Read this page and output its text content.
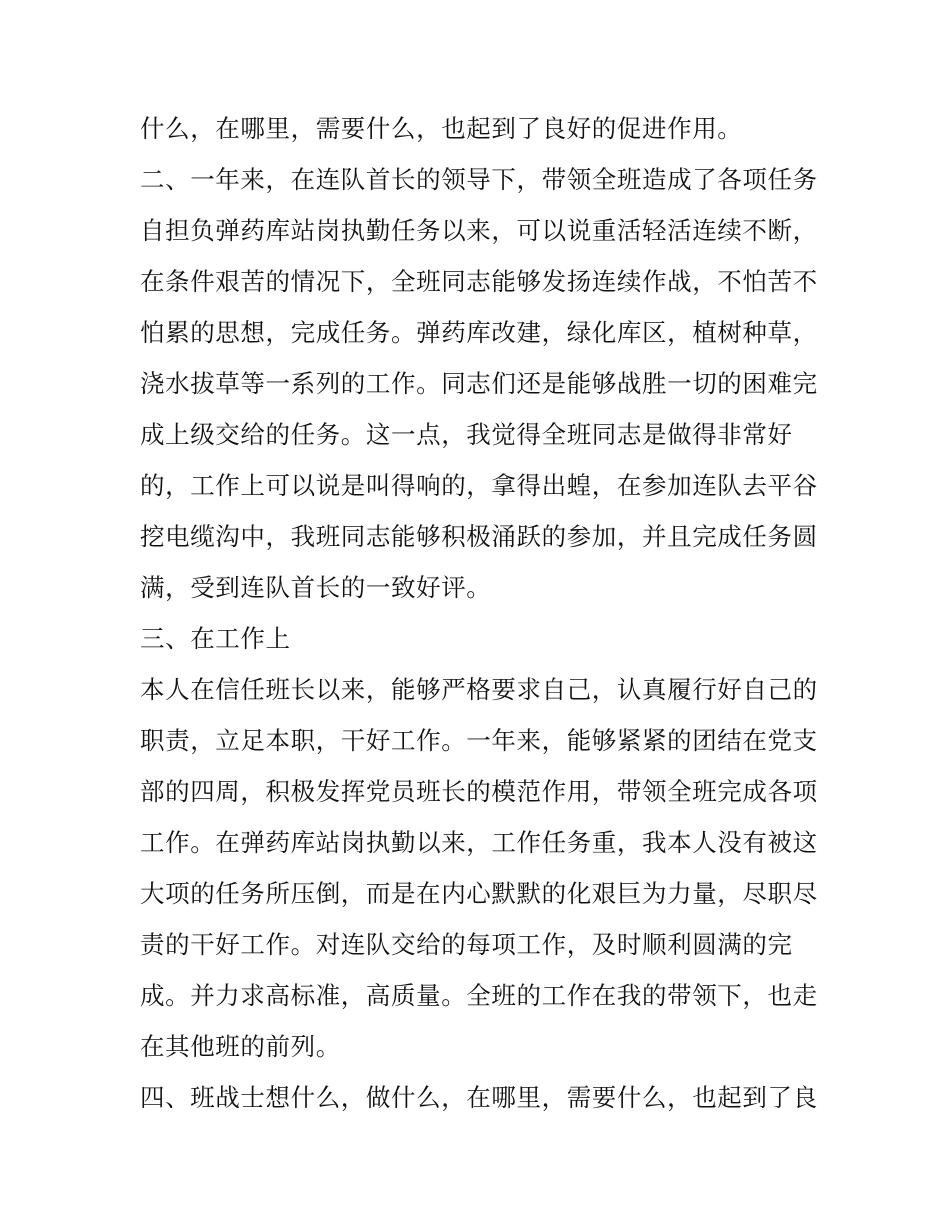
什么，在哪里，需要什么，也起到了良好的促进作用。
二、一年来，在连队首长的领导下，带领全班造成了各项任务
自担负弹药库站岗执勤任务以来，可以说重活轻活连续不断，
在条件艰苦的情况下，全班同志能够发扬连续作战，不怕苦不
怕累的思想，完成任务。弹药库改建，绿化库区，植树种草，
浇水拔草等一系列的工作。同志们还是能够战胜一切的困难完
成上级交给的任务。这一点，我觉得全班同志是做得非常好
的，工作上可以说是叫得响的，拿得出蝗，在参加连队去平谷
挖电缆沟中，我班同志能够积极涌跃的参加，并且完成任务圆
满，受到连队首长的一致好评。
三、在工作上
本人在信任班长以来，能够严格要求自己，认真履行好自己的
职责，立足本职，干好工作。一年来，能够紧紧的团结在党支
部的四周，积极发挥党员班长的模范作用，带领全班完成各项
工作。在弹药库站岗执勤以来，工作任务重，我本人没有被这
大项的任务所压倒，而是在内心默默的化艰巨为力量，尽职尽
责的干好工作。对连队交给的每项工作，及时顺利圆满的完
成。并力求高标准，高质量。全班的工作在我的带领下，也走
在其他班的前列。
四、班战士想什么，做什么，在哪里，需要什么，也起到了良
